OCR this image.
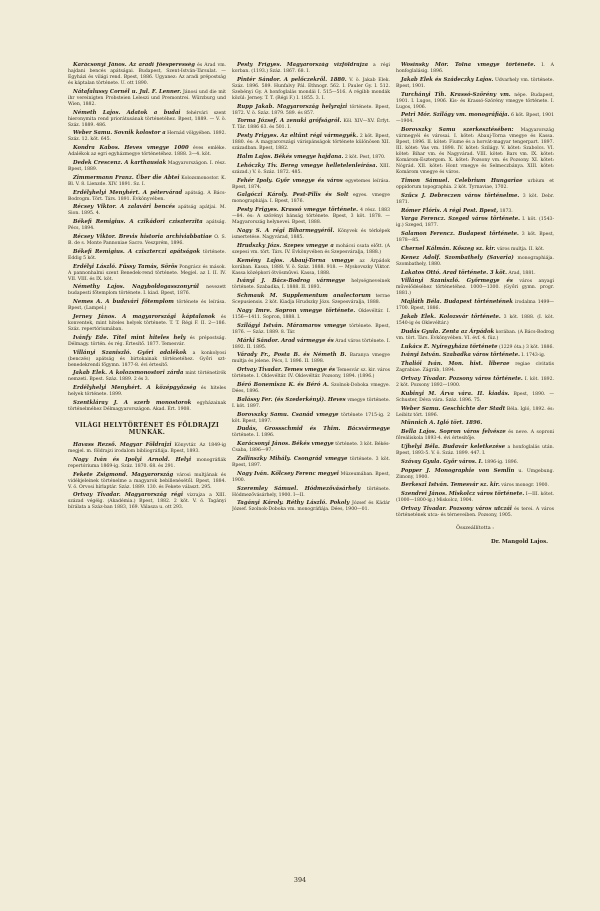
Karácsonyi János. Az aradi főesperesség és Arad vm. hajdani bencés apátságai. Budapest, Szent-István-Társulat. — Egyházi és világi rend. Bpest, 1886. Ugyanez: Az aradi prépostság és káptalan története. U. ott 1890.

Nátafalussy Cornél u. Jul. F. Lenner. Jánosi und die mit ihr vereinigten Probsteien Leleszi und Premontrei. Würzburg und Wien, 1882.

Németh Lajos. Adatok a budai fehérvári szent hieronymita rend priorátusának történetéhez. Bpest, 1889. — V. ö. Száz. 1889. 486.

Weber Samu. Sovnik kolostor a Hernád völgyében. 1892. Száz. 12. köt. 645.

Kondra Kabos. Heves vmegye 1000 éves emléke. Adalékok az egri egyházmegye történetéhez. 1888. 3—4. köt.

Dedek Crescenz. A karthausiak Magyarországon. I. rész. Bpest, 1889.

Zimmermann Franz. Über die Abtei Kolozsmonostor. K. Bl. V. 8. Lienzde. XIV. 1891. Sz. I.

Erdélyhelyi Menyhért. A pétervárad apátság. A Bács-Bodrogm. Tört. Társ. 1891. Évkönyvében.

Récsey Viktor. A zalavári bencés apátság apátjai. M. Sion. 1895. 4.

Békefi Remigius. A czikádori cziszterzita apátság. Pécs, 1894.

Récsey Viktor. Brevis historia archiviabbatiae O. S. B. de s. Monte Pannoniae Sacro. Veszprém, 1896.

Békefi Remigius. A cziszterczi apátságok története. Eddig 5 köt.

Erdélyi László. Füssy Tamás, Sörös Pongrácz és mások. A pannonhalmi szent Benedek-rend története. Megjel. az I. II. IV. VII. VIII. és IX. köt.

Némethy Lajos. Nagyboldogasszonyrúl nevezett budapesti főtemplom története. I. kiad. Bpest, 1876.

Nemes A. A budavári főtemplom története és leírása. Bpest, (Lampel.)

Jerney János. A magyarországi káptalanok és konventek, mint hiteles helyek története. T. T. Régi F. II. 2—186. Száz. repertóriumában.

Ivánfy Ede. Titel mint hiteles hely és prépostság. Délmagy. történ. és rég. Értesítő. 1877. Temesvár.

Villányi Szaniszló. Győri adalékok a konkolyosi (benczés) apátság és birtokainak történetéhez. Győri szt-benedekrendi főgymn. 1877-8. évi értesítő.

Jakab Elek. A kolozsmonostori zárda mint történetírók nemzeti. Bpest. Száz. 1889. 2 és 3.

Erdélyhelyi Menyhért. A középgyőzség és hiteles helyek története. 1899.

Szentkláray J. A szerb monostorok egyházainak történelméhez Délmagyarországon. Akad. Ért. 1908.

VILÁGI HELYTÖRTÉNET ÉS FÖLDRAJZI MUNKÁK.

Havass Rezső. Magyar Földrajzi Könyvtár. Az 1849-ig megjel. m. földrajzi irodalom bibliográfiája. Bpest, 1893.

Nagy Iván és Ipolyi Arnold. Helyi monográfiák repertóriuma 1869-ig. Száz. 1870. 68. és 291.

Fekete Zsigmond. Magyarország városi multjának és vidékjeleinek történelme a magyarok bebillenésétől. Bpest, 1884. V. ö. Orvosi hírlaptár. Száz. 1889. 130. és Fekete választ. 295.

Ortvay Tivadar. Magyarország régi vizrajza a XIII. század végéig. (Akadémia.) Bpest, 1882. 2 köt. V. ö. Tagányi bírálata a Száz-ban 1883, 169. Válasza u. ott 293.

Pesty Frigyes. Magyarország vizföldrajza a régi korban. (1193.) Száz. 1867. 68. I.

Pintér Sándor. A pelőczekről. 1880. V. ö. Jakab Elek. Száz. 1896. 589. Hunfalvy Pál. Ethnogr. 562. I. Pauler Gy. I. 512. Szebényi Gy. A honfoglalás mondái I. 515—516. A régibb mondák közül: Jerney. T. T. (Régi F.) I. 1855. 3. I.

Rupp Jakab. Magyarország helyrajzi története. Bpest, 1872. V. ö. Száz. 1879. 589. és 857.

Torma József. A zenuki grófságról. Köl. XIV—XV. Érfyt. T. Tár. 1886 63. és 501. I.

Pesty Frigyes. Az eltűnt régi vármegyék. 2 köt. Bpest, 1880. és: A magyarországi várispánságok története különösen XII. században. Bpest, 1882.

Halm Lajos. Békés vmegye hajdana. 2 köt. Pest, 1870.

Lehóczky Tiv. Bereg vmegye helletelenleírása. XIII. század.) V. ö. Száz. 1872. 485.

Fehér Ipoly. Győr vmegye és város egyetemes leírása. Bpest, 1874.

Galgóczi Károly. Pest-Pilis és Solt egyes. vmegye monographiája. I. Bpest, 1876.

Pesty Frigyes. Krassó vmegye története. 4 rész. 1883—84. és: A szörényi bánság története. Bpest, 3 köt. 1878. — Magyarország helynevei. Bpest, 1888.

Nagy S. A régi Biharmegyéről. Könyvek és térképek ismertetése. Nagyvárad, 1885.

Hrudszky Józs. Szepes vmegye a mohácsi csata előtt. (A szepesi vm. tört. Társ. IV. Évkönyvében és Szepesváralja, 1888.)

Kemény Lajos. Abauj-Torna vmegye az Árpádok korában. Kassa, 1888. V. ö. Száz. 1888. 918. — Myskovszky Viktor. Kassa középkori ötvösművei. Kassa, 1888.

Iványi J. Bács-Bodrog vármegye helységneveinek története. Szabadka, I. 1888. II. 1893.

Schmauk M. Supplementum analectorum terrae Scepusiensis. 2 köt. Kiadja Hrudszky Józs. Szepesváralja, 1888.

Nagy Imre. Sopron vmegye története. Oklevéltár. I. 1156—1411. Sopron, 1888. I.

Szilágyi István. Máramaros vmegye története. Bpest, 1876. — Száz. 1889. 8. Tár.

Márki Sándor. Arad vármegye és Arad város története. I. 1892. II. 1895.

Várady Fr., Posta B. és Németh B. Baranya vmegye multja és jelene. Pécs, I. 1896. II. 1898.

Ortvay Tivadar. Temes vmegye és Temesvár sz. kir. város története. I. Oklevéltár. IV. Oklevéltár. Pozsony, 1894. (1896.)

Béró Bonemisza K. és Béró A. Szolnok-Doboka vmegye. Dées, 1896.

Balássy Fer. (és Szederkényi). Heves vmegye története. I. köt. 1897.

Borovszky Samu. Csanád vmegye története 1715-ig. 2 köt. Bpest, 1897.

Dudás, Grossschmid és Thim. Bácsvármegye története. I. 1896.

Karácsonyi János. Békés vmegye története. 3 köt. Békés-Csaba, 1896—97.

Zsilinszky Mihály. Csongrád vmegye története. 3 köt. Bpest, 1897.

Nagy Iván. Kölcsey Ferenc megyei Múzeumában. Bpest, 1900.

Szeremley Sámuel. Hódmezővásárhely története. Hódmezővásárhely, 1900. I—II.

Tagányi Károly. Réthy László. Pokoly József és Kádár József. Szolnok-Doboka vm. monográfiája. Dées, 1900—01.

Wosinsky Mór. Tolna vmegye története. I. A honfoglalásig. 1896.

Jakab Elek és Szádeczky Lajos. Udvarhely vm. története. Bpest, 1901.

Turchányi Tih. Krassó-Szörény vm. népe. Budapest, 1901. I. Lugos, 1906. Kis- és Krassó-Szörény vmegye története. I. Lugos, 1906.

Petri Mór. Szilágy vm. monográfiája. 6 köt. Bpest, 1901—1904.

Borovszky Samu szerkesztésében: Magyarország vármegyéi és városai. I. kötet: Abauj-Torna vmegye és Kassa. Bpest, 1896. II. kötet: Fiume és a horvát-magyar tengerpart. 1897. III. kötet: Vas vm. 1898. IV. kötet: Szilágy. V. kötet: Szabolcs. VI. kötet: Bihar vm. és Nagyvárad. VIII. kötet: Bars vm. IX. kötet: Komárom-Esztergom. X. kötet: Pozsony vm. és Pozsony. XI. kötet: Nógrád. XII. kötet: Hont vmegye és Selmeczbánya. XIII. kötet: Komárom vmegye és város.

Timon Sámuel. Celebrium Hungariae urbium et oppidorum topographia. 2 köt. Tyrnaviae, 1702.

Szűcs J. Debreczen város történelme. 3 köt. Debr. 1871.

Rómer Flóris. A régi Pest. Bpest, 1873.

Varga Ferencz. Szeged város története. I. köt. (1543-ig.) Szeged, 1877.

Salamon Ferencz. Budapest története. 3 köt. Bpest, 1878—85.

Chernel Kálmán. Kőszeg sz. kir. város multja. II. köt.

Kenez Adolf. Szombathely (Savaria) monographiája. Szombathely, 1880.

Lakatos Ottó. Arad története. 3 köt. Arad, 1881.

Villányi Szaniszló. Győrmegye és város anyagi művelődéséhez történetéhez. 1000—1300. (Győri gymn. progr. 1881.)

Majláth Béla. Budapest történetének irodalma 1499—1700. Bpest, 1886.

Jakab Elek. Kolozsvár története. 3 köt. 1888. (I. köt. 1540-ig és Oklevéltár.)

Dudás Gyula. Zenta az Árpádok korában. (A Bács-Bodrog vm. tört. Társ. Évkönyvében. VI. évf. 4. füz.)

Lukács E. Nyíregyháza története (1229 óta.) 3 köt. 1886.

Iványi István. Szabadka város története. I. 1743-ig.

Thaliói Iván. Mon. hist. liberae regiae civitatis Zagrabiae. Zágráb, 1894.

Ortvay Tivadar. Pozsony város története. I. köt. 1892. 2 köt. Pozsony 1892—1900.

Kubinyi M. Árva vára. II. kiadás. Bpest, 1890. — Schuster, Déva vára. Száz. 1896. 75.

Weber Samu. Geschichte der Stadt Béla. Igló, 1892. és: Leibitz tört. 1896.

Münnich A. Igló tört. 1896.

Bella Lajos. Sopron város felvésze és neve. A soproni főreáliskola 1893-4. évi értesítője.

Ujhelyi Béla. Budavár keletkezése a honfoglalás után. Bpest, 1893-5. V. ö. Száz. 1899. 447. I.

Szávay Gyula. Győr város. I. 1896-ig. 1896.

Popper J. Monographie von Semlin u. Umgebung. Zimony, 1900.

Berkeszi István. Temesvár sz. kir. város monogr. 1900.

Szendrei János. Miskolcz város története. I—III. kötet. (1000—1800-ig.) Miskolcz, 1904.

Ortvay Tivadar. Pozsony város utczái és terei. A város történetének utca- és térneveiben. Pozsony, 1905.

Összeállította :
Dr. Mangold Lajos.
394
